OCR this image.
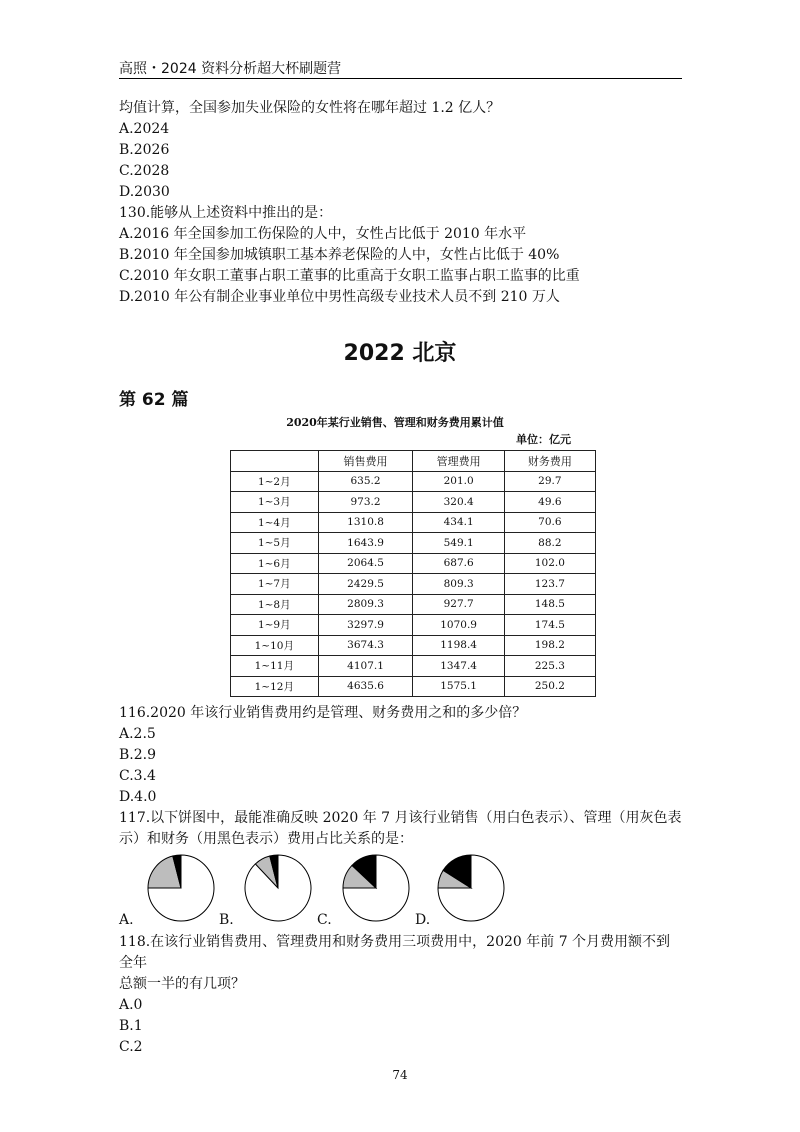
高照・2024 资料分析超大杯刷题营
均值计算，全国参加失业保险的女性将在哪年超过 1.2 亿人？
A.2024
B.2026
C.2028
D.2030
130.能够从上述资料中推出的是：
A.2016 年全国参加工伤保险的人中，女性占比低于 2010 年水平
B.2010 年全国参加城镇职工基本养老保险的人中，女性占比低于 40%
C.2010 年女职工董事占职工董事的比重高于女职工监事占职工监事的比重
D.2010 年公有制企业事业单位中男性高级专业技术人员不到 210 万人
2022 北京
第 62 篇
2020年某行业销售、管理和财务费用累计值
单位：亿元
	销售费用	管理费用	财务费用
1~2月	635.2	201.0	29.7
1~3月	973.2	320.4	49.6
1~4月	1310.8	434.1	70.6
1~5月	1643.9	549.1	88.2
1~6月	2064.5	687.6	102.0
1~7月	2429.5	809.3	123.7
1~8月	2809.3	927.7	148.5
1~9月	3297.9	1070.9	174.5
1~10月	3674.3	1198.4	198.2
1~11月	4107.1	1347.4	225.3
1~12月	4635.6	1575.1	250.2
116.2020 年该行业销售费用约是管理、财务费用之和的多少倍？
A.2.5
B.2.9
C.3.4
D.4.0
117.以下饼图中，最能准确反映 2020 年 7 月该行业销售（用白色表示）、管理（用灰色表
示）和财务（用黑色表示）费用占比关系的是：
A.	B.	C.	D.
118.在该行业销售费用、管理费用和财务费用三项费用中，2020 年前 7 个月费用额不到全年
总额一半的有几项？
A.0
B.1
C.2
74
